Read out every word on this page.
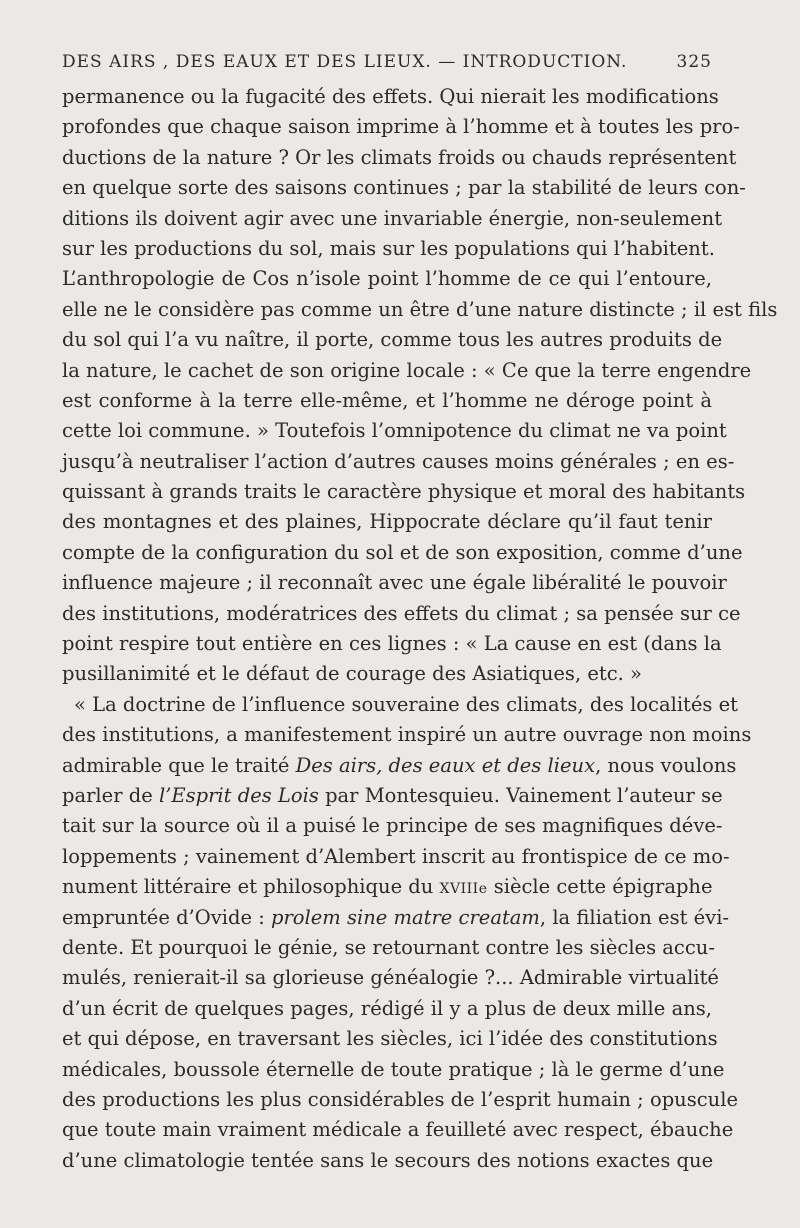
DES AIRS , DES EAUX ET DES LIEUX. — INTRODUCTION.	325
permanence ou la fugacité des effets. Qui nierait les modifications
profondes que chaque saison imprime à l’homme et à toutes les pro-
ductions de la nature ? Or les climats froids ou chauds représentent
en quelque sorte des saisons continues ; par la stabilité de leurs con-
ditions ils doivent agir avec une invariable énergie, non-seulement
sur les productions du sol, mais sur les populations qui l’habitent.
L’anthropologie de Cos n’isole point l’homme de ce qui l’entoure,
elle ne le considère pas comme un être d’une nature distincte ; il est fils
du sol qui l’a vu naître, il porte, comme tous les autres produits de
la nature, le cachet de son origine locale : « Ce que la terre engendre
est conforme à la terre elle-même, et l’homme ne déroge point à
cette loi commune. » Toutefois l’omnipotence du climat ne va point
jusqu’à neutraliser l’action d’autres causes moins générales ; en es-
quissant à grands traits le caractère physique et moral des habitants
des montagnes et des plaines, Hippocrate déclare qu’il faut tenir
compte de la configuration du sol et de son exposition, comme d’une
influence majeure ; il reconnaît avec une égale libéralité le pouvoir
des institutions, modératrices des effets du climat ; sa pensée sur ce
point respire tout entière en ces lignes : « La cause en est (dans la
pusillanimité et le défaut de courage des Asiatiques, etc. »
« La doctrine de l’influence souveraine des climats, des localités et
des institutions, a manifestement inspiré un autre ouvrage non moins
admirable que le traité Des airs, des eaux et des lieux, nous voulons
parler de l’Esprit des Lois par Montesquieu. Vainement l’auteur se
tait sur la source où il a puisé le principe de ses magnifiques déve-
loppements ; vainement d’Alembert inscrit au frontispice de ce mo-
nument littéraire et philosophique du XVIIIe siècle cette épigraphe
empruntée d’Ovide : prolem sine matre creatam, la filiation est évi-
dente. Et pourquoi le génie, se retournant contre les siècles accu-
mulés, renierait-il sa glorieuse généalogie ?... Admirable virtualité
d’un écrit de quelques pages, rédigé il y a plus de deux mille ans,
et qui dépose, en traversant les siècles, ici l’idée des constitutions
médicales, boussole éternelle de toute pratique ; là le germe d’une
des productions les plus considérables de l’esprit humain ; opuscule
que toute main vraiment médicale a feuilleté avec respect, ébauche
d’une climatologie tentée sans le secours des notions exactes que
